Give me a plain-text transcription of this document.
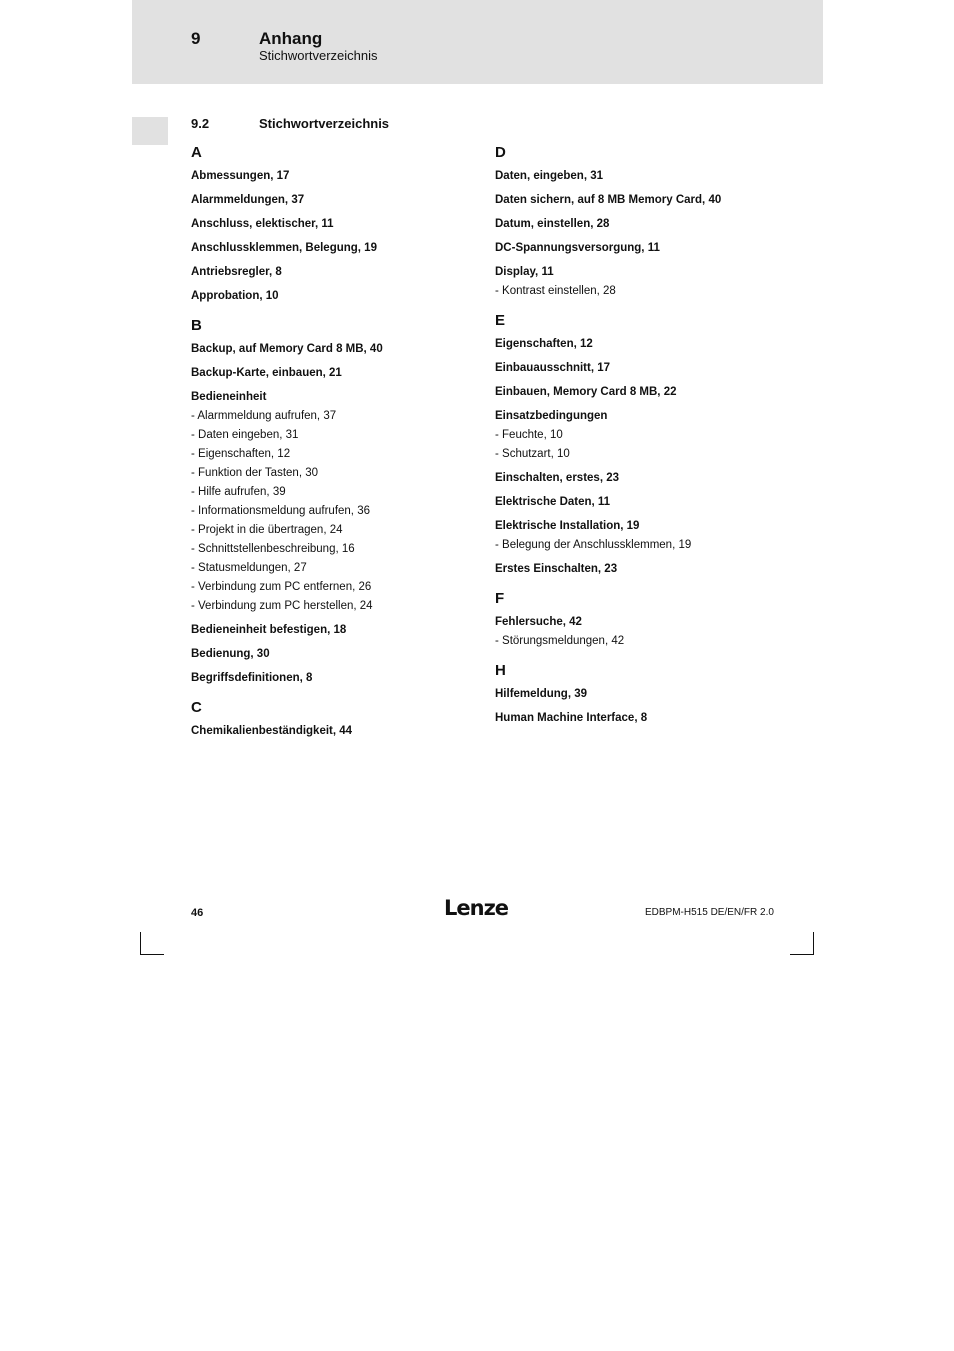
9	Anhang
Stichwortverzeichnis
9.2	Stichwortverzeichnis
A
Abmessungen, 17
Alarmmeldungen, 37
Anschluss, elektischer, 11
Anschlussklemmen, Belegung, 19
Antriebsregler, 8
Approbation, 10
B
Backup, auf Memory Card 8 MB, 40
Backup-Karte, einbauen, 21
Bedieneinheit
- Alarmmeldung aufrufen, 37
- Daten eingeben, 31
- Eigenschaften, 12
- Funktion der Tasten, 30
- Hilfe aufrufen, 39
- Informationsmeldung aufrufen, 36
- Projekt in die übertragen, 24
- Schnittstellenbeschreibung, 16
- Statusmeldungen, 27
- Verbindung zum PC entfernen, 26
- Verbindung zum PC herstellen, 24
Bedieneinheit befestigen, 18
Bedienung, 30
Begriffsdefinitionen, 8
C
Chemikalienbeständigkeit, 44
D
Daten, eingeben, 31
Daten sichern, auf 8 MB Memory Card, 40
Datum, einstellen, 28
DC-Spannungsversorgung, 11
Display, 11
- Kontrast einstellen, 28
E
Eigenschaften, 12
Einbauausschnitt, 17
Einbauen, Memory Card 8 MB, 22
Einsatzbedingungen
- Feuchte, 10
- Schutzart, 10
Einschalten, erstes, 23
Elektrische Daten, 11
Elektrische Installation, 19
- Belegung der Anschlussklemmen, 19
Erstes Einschalten, 23
F
Fehlersuche, 42
- Störungsmeldungen, 42
H
Hilfemeldung, 39
Human Machine Interface, 8
46	Lenze	EDBPM-H515 DE/EN/FR 2.0
